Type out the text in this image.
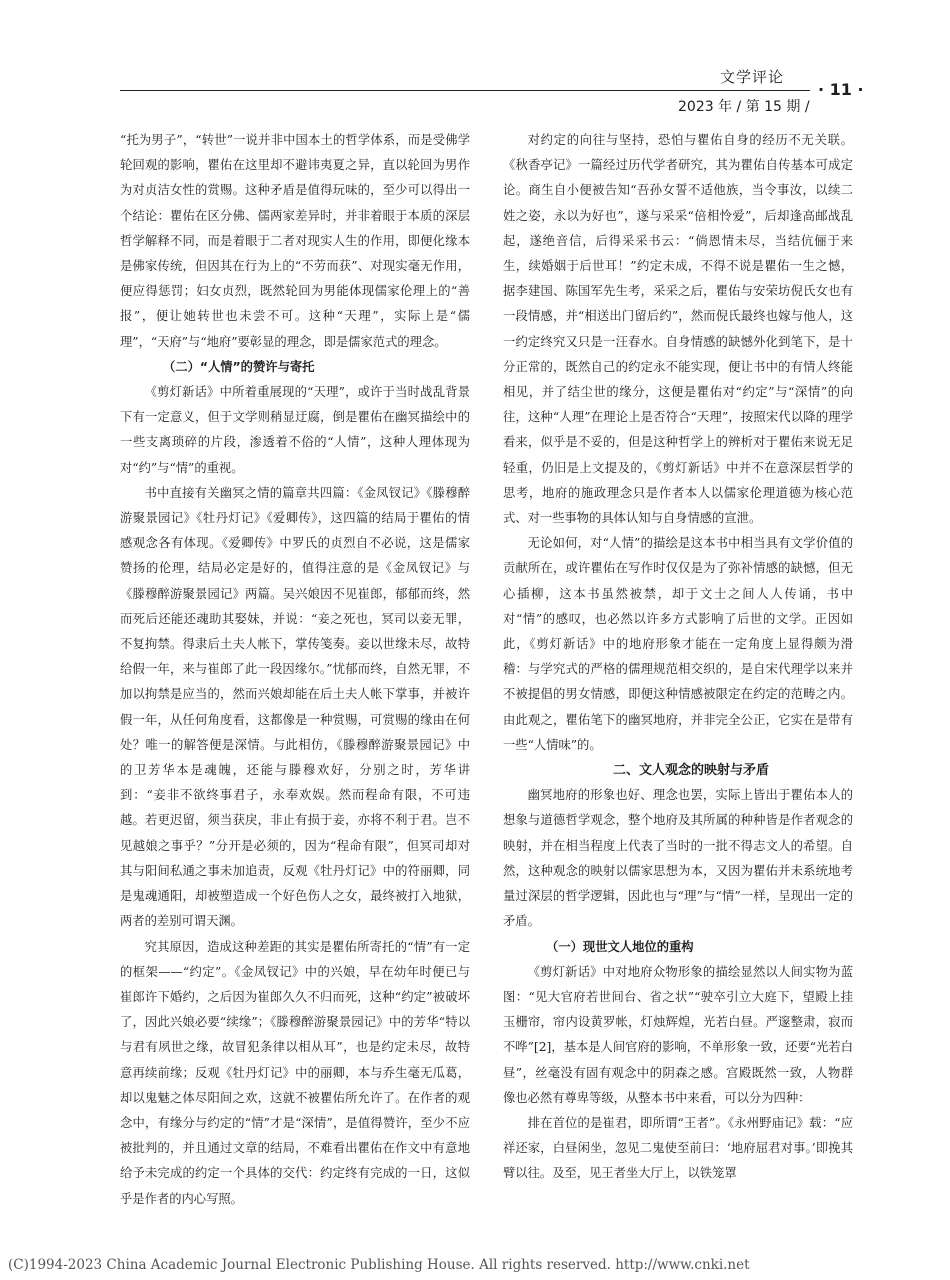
文学评论
· 11 ·
2023 年 / 第 15 期 /

“托为男子”，“转世”一说并非中国本土的哲学体系，而是受佛学轮回观的影响，瞿佑在这里却不避讳夷夏之异，直以轮回为男作为对贞洁女性的赏赐。这种矛盾是值得玩味的，至少可以得出一个结论：瞿佑在区分佛、儒两家差异时，并非着眼于本质的深层哲学解释不同，而是着眼于二者对现实人生的作用，即便化缘本是佛家传统，但因其在行为上的“不劳而获”、对现实毫无作用，便应得惩罚；妇女贞烈，既然轮回为男能体现儒家伦理上的“善报”，便让她转世也未尝不可。这种“天理”，实际上是“儒理”，“天府”与“地府”要彰显的理念，即是儒家范式的理念。

（二）“人情”的赞许与寄托

《剪灯新话》中所着重展现的“天理”，或许于当时战乱背景下有一定意义，但于文学则稍显迂腐，倒是瞿佑在幽冥描绘中的一些支离琐碎的片段，渗透着不俗的“人情”，这种人理体现为对“约”与“情”的重视。

书中直接有关幽冥之情的篇章共四篇：《金凤钗记》《滕穆醉游聚景园记》《牡丹灯记》《爱卿传》，这四篇的结局于瞿佑的情感观念各有体现。《爱卿传》中罗氏的贞烈自不必说，这是儒家赞扬的伦理，结局必定是好的，值得注意的是《金凤钗记》与《滕穆醉游聚景园记》两篇。吴兴娘因不见崔郎，郁郁而终，然而死后还能还魂助其娶妹，并说：“妾之死也，冥司以妾无罪，不复拘禁。得隶后土夫人帐下，掌传笺奏。妾以世缘未尽，故特给假一年，来与崔郎了此一段因缘尔。”忧郁而终，自然无罪，不加以拘禁是应当的，然而兴娘却能在后土夫人帐下掌事，并被许假一年，从任何角度看，这都像是一种赏赐，可赏赐的缘由在何处？唯一的解答便是深情。与此相仿，《滕穆醉游聚景园记》中的卫芳华本是魂魄，还能与滕穆欢好，分别之时，芳华讲到：“妾非不欲终事君子，永奉欢娱。然而程命有限，不可违越。若更迟留，须当获戾，非止有损于妾，亦将不利于君。岂不见越娘之事乎？”分开是必须的，因为“程命有限”，但冥司却对其与阳间私通之事未加追责，反观《牡丹灯记》中的符丽卿，同是鬼魂通阳，却被塑造成一个好色伤人之女，最终被打入地狱，两者的差别可谓天渊。

究其原因，造成这种差距的其实是瞿佑所寄托的“情”有一定的框架——“约定”。《金凤钗记》中的兴娘，早在幼年时便已与崔郎许下婚约，之后因为崔郎久久不归而死，这种“约定”被破坏了，因此兴娘必要“续缘”；《滕穆醉游聚景园记》中的芳华“特以与君有夙世之缘，故冒犯条律以相从耳”，也是约定未尽，故特意再续前缘；反观《牡丹灯记》中的丽卿，本与乔生毫无瓜葛，却以鬼魅之体尽阳间之欢，这就不被瞿佑所允许了。在作者的观念中，有缘分与约定的“情”才是“深情”，是值得赞许，至少不应被批判的，并且通过文章的结局，不难看出瞿佑在作文中有意地给予未完成的约定一个具体的交代：约定终有完成的一日，这似乎是作者的内心写照。

对约定的向往与坚持，恐怕与瞿佑自身的经历不无关联。《秋香亭记》一篇经过历代学者研究，其为瞿佑自传基本可成定论。商生自小便被告知“吾孙女誓不适他族，当令事汝，以续二姓之姿，永以为好也”，遂与采采“倍相怜爱”，后却逢高邮战乱起，遂绝音信，后得采采书云：“倘恩情未尽，当结伉俪于来生，续婚姻于后世耳！”约定未成，不得不说是瞿佑一生之憾，据李建国、陈国军先生考，采采之后，瞿佑与安荣坊倪氏女也有一段情感，并“相送出门留后约”，然而倪氏最终也嫁与他人，这一约定终究又只是一汪春水。自身情感的缺憾外化到笔下，是十分正常的，既然自己的约定永不能实现，便让书中的有情人终能相见，并了结尘世的缘分，这便是瞿佑对“约定”与“深情”的向往，这种“人理”在理论上是否符合“天理”，按照宋代以降的理学看来，似乎是不妥的，但是这种哲学上的辨析对于瞿佑来说无足轻重，仍旧是上文提及的，《剪灯新话》中并不在意深层哲学的思考，地府的施政理念只是作者本人以儒家伦理道德为核心范式、对一些事物的具体认知与自身情感的宣泄。

无论如何，对“人情”的描绘是这本书中相当具有文学价值的贡献所在，或许瞿佑在写作时仅仅是为了弥补情感的缺憾，但无心插柳，这本书虽然被禁，却于文士之间人人传诵，书中对“情”的感叹，也必然以许多方式影响了后世的文学。正因如此，《剪灯新话》中的地府形象才能在一定角度上显得颇为滑稽：与学究式的严格的儒理规范相交织的，是自宋代理学以来并不被提倡的男女情感，即便这种情感被限定在约定的范畴之内。由此观之，瞿佑笔下的幽冥地府，并非完全公正，它实在是带有一些“人情味”的。

二、文人观念的映射与矛盾

幽冥地府的形象也好、理念也罢，实际上皆出于瞿佑本人的想象与道德哲学观念，整个地府及其所属的种种皆是作者观念的映射，并在相当程度上代表了当时的一批不得志文人的希望。自然，这种观念的映射以儒家思想为本，又因为瞿佑并未系统地考量过深层的哲学逻辑，因此也与“理”与“情”一样，呈现出一定的矛盾。

（一）现世文人地位的重构

《剪灯新话》中对地府众物形象的描绘显然以人间实物为蓝图：“见大官府若世间台、省之状”“驶卒引立大庭下，望殿上挂玉栅帘，帘内设黄罗帐，灯烛辉煌，光若白昼。严邃整肃，寂而不哗”[2]，基本是人间官府的影响，不单形象一致，还要“光若白昼”，丝毫没有固有观念中的阴森之感。宫殿既然一致，人物群像也必然有尊卑等级，从整本书中来看，可以分为四种：

排在首位的是崔君，即所谓“王者”。《永州野庙记》载：“应祥还家，白昼闲坐，忽见二鬼使至前曰：‘地府屈君对事。’即挽其臂以往。及至，见王者坐大厅上，以铁笼罩

(C)1994-2023 China Academic Journal Electronic Publishing House. All rights reserved. http://www.cnki.net
